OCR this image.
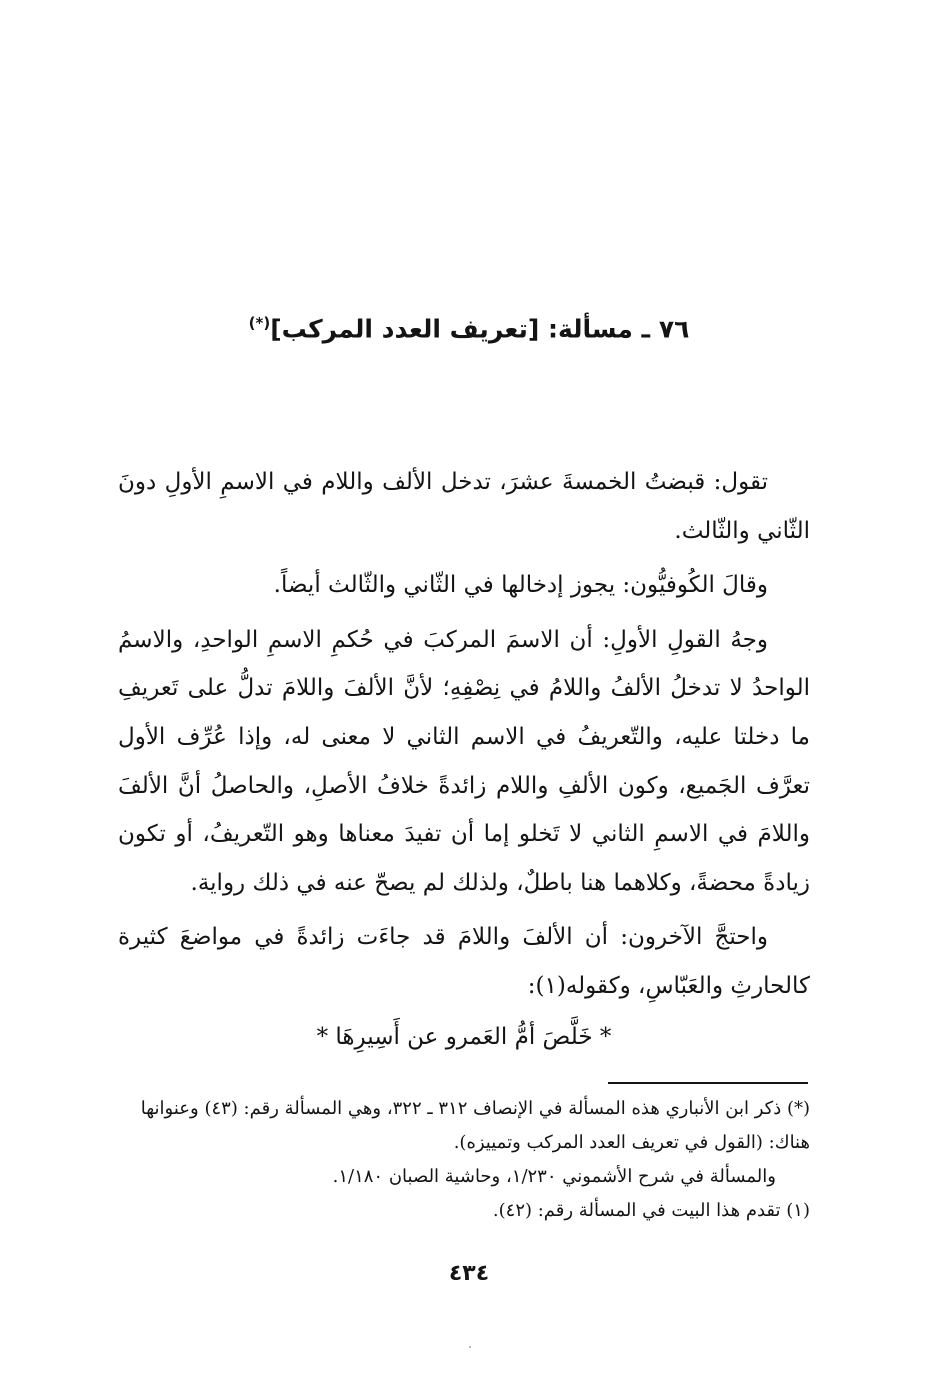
٧٦ ـ مسألة: [تعريف العدد المركب](*)

تقول: قبضتُ الخمسةَ عشرَ، تدخل الألف واللام في الاسمِ الأولِ دونَ الثّاني والثّالث.

وقالَ الكُوفيُّون: يجوز إدخالها في الثّاني والثّالث أيضاً.

وجهُ القولِ الأولِ: أن الاسمَ المركبَ في حُكمِ الاسمِ الواحدِ، والاسمُ الواحدُ لا تدخلُ الألفُ واللامُ في نِصْفِهِ؛ لأنَّ الألفَ واللامَ تدلُّ على تَعريفِ ما دخلتا عليه، والتّعريفُ في الاسم الثاني لا معنى له، وإذا عُرِّف الأول تعرَّف الجَميع، وكون الألفِ واللام زائدةً خلافُ الأصلِ، والحاصلُ أنَّ الألفَ واللامَ في الاسمِ الثاني لا تَخلو إما أن تفيدَ معناها وهو التّعريفُ، أو تكون زيادةً محضةً، وكلاهما هنا باطلٌ، ولذلك لم يصحّ عنه في ذلك رواية.

واحتجَّ الآخرون: أن الألفَ واللامَ قد جاءَت زائدةً في مواضعَ كثيرة كالحارثِ والعَبّاسِ، وكقوله(١):

* خَلَّصَ أمُّ العَمرو عن أَسِيرِهَا *

(*) ذكر ابن الأنباري هذه المسألة في الإنصاف ٣١٢ ـ ٣٢٢، وهي المسألة رقم: (٤٣) وعنوانها هناك: (القول في تعريف العدد المركب وتمييزه).

والمسألة في شرح الأشموني ١/٢٣٠، وحاشية الصبان ١/١٨٠.

(١) تقدم هذا البيت في المسألة رقم: (٤٢).

٤٣٤
